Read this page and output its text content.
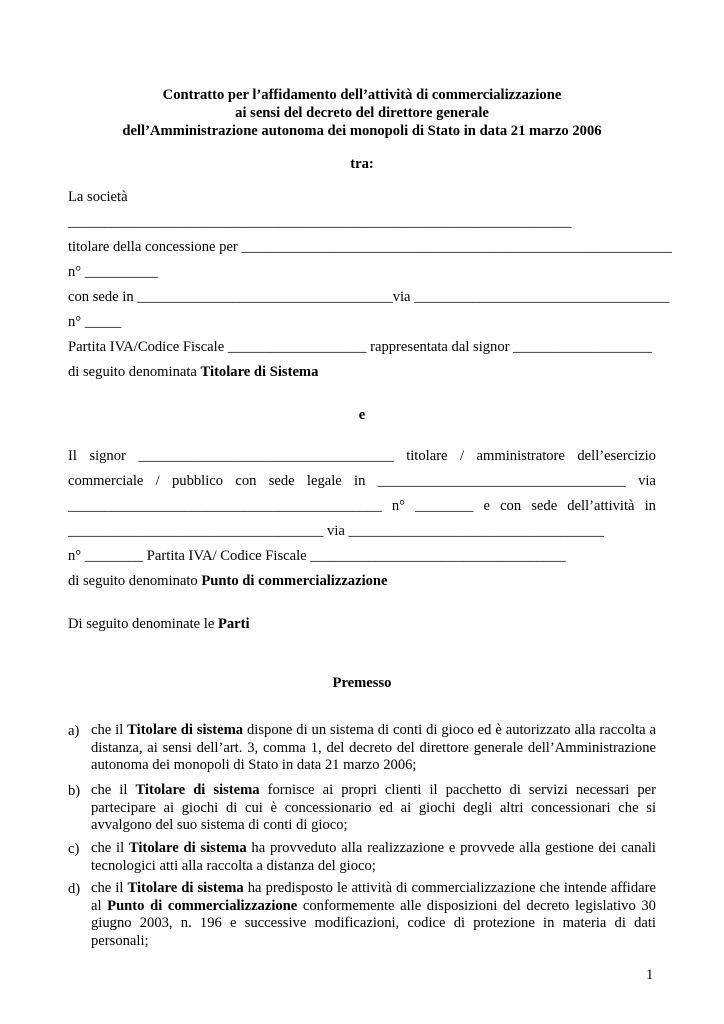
Contratto per l’affidamento dell’attività di commercializzazione
ai sensi del decreto del direttore generale
dell’Amministrazione autonoma dei monopoli di Stato in data 21 marzo 2006
tra:
La società
_____________________________________________________________________
titolare della concessione per ___________________________________________________________
n° __________
con sede in ___________________________________via ___________________________________
n° _____
Partita IVA/Codice Fiscale ___________________ rappresentata dal signor ___________________
di seguito denominata Titolare di Sistema
e
Il signor ___________________________________ titolare / amministratore dell’esercizio
commerciale / pubblico con sede legale in __________________________________ via
___________________________________________ n° ________ e con sede dell’attività in
___________________________________ via ___________________________________
n° ________ Partita IVA/ Codice Fiscale ___________________________________
di seguito denominato Punto di commercializzazione
Di seguito denominate le Parti
Premesso
a) che il Titolare di sistema dispone di un sistema di conti di gioco ed è autorizzato alla raccolta a distanza, ai sensi dell’art. 3, comma 1, del decreto del direttore generale dell’Amministrazione autonoma dei monopoli di Stato in data 21 marzo 2006;
b) che il Titolare di sistema fornisce ai propri clienti il pacchetto di servizi necessari per partecipare ai giochi di cui è concessionario ed ai giochi degli altri concessionari che si avvalgono del suo sistema di conti di gioco;
c) che il Titolare di sistema ha provveduto alla realizzazione e provvede alla gestione dei canali tecnologici atti alla raccolta a distanza del gioco;
d) che il Titolare di sistema ha predisposto le attività di commercializzazione che intende affidare al Punto di commercializzazione conformemente alle disposizioni del decreto legislativo 30 giugno 2003, n. 196 e successive modificazioni, codice di protezione in materia di dati personali;
1
